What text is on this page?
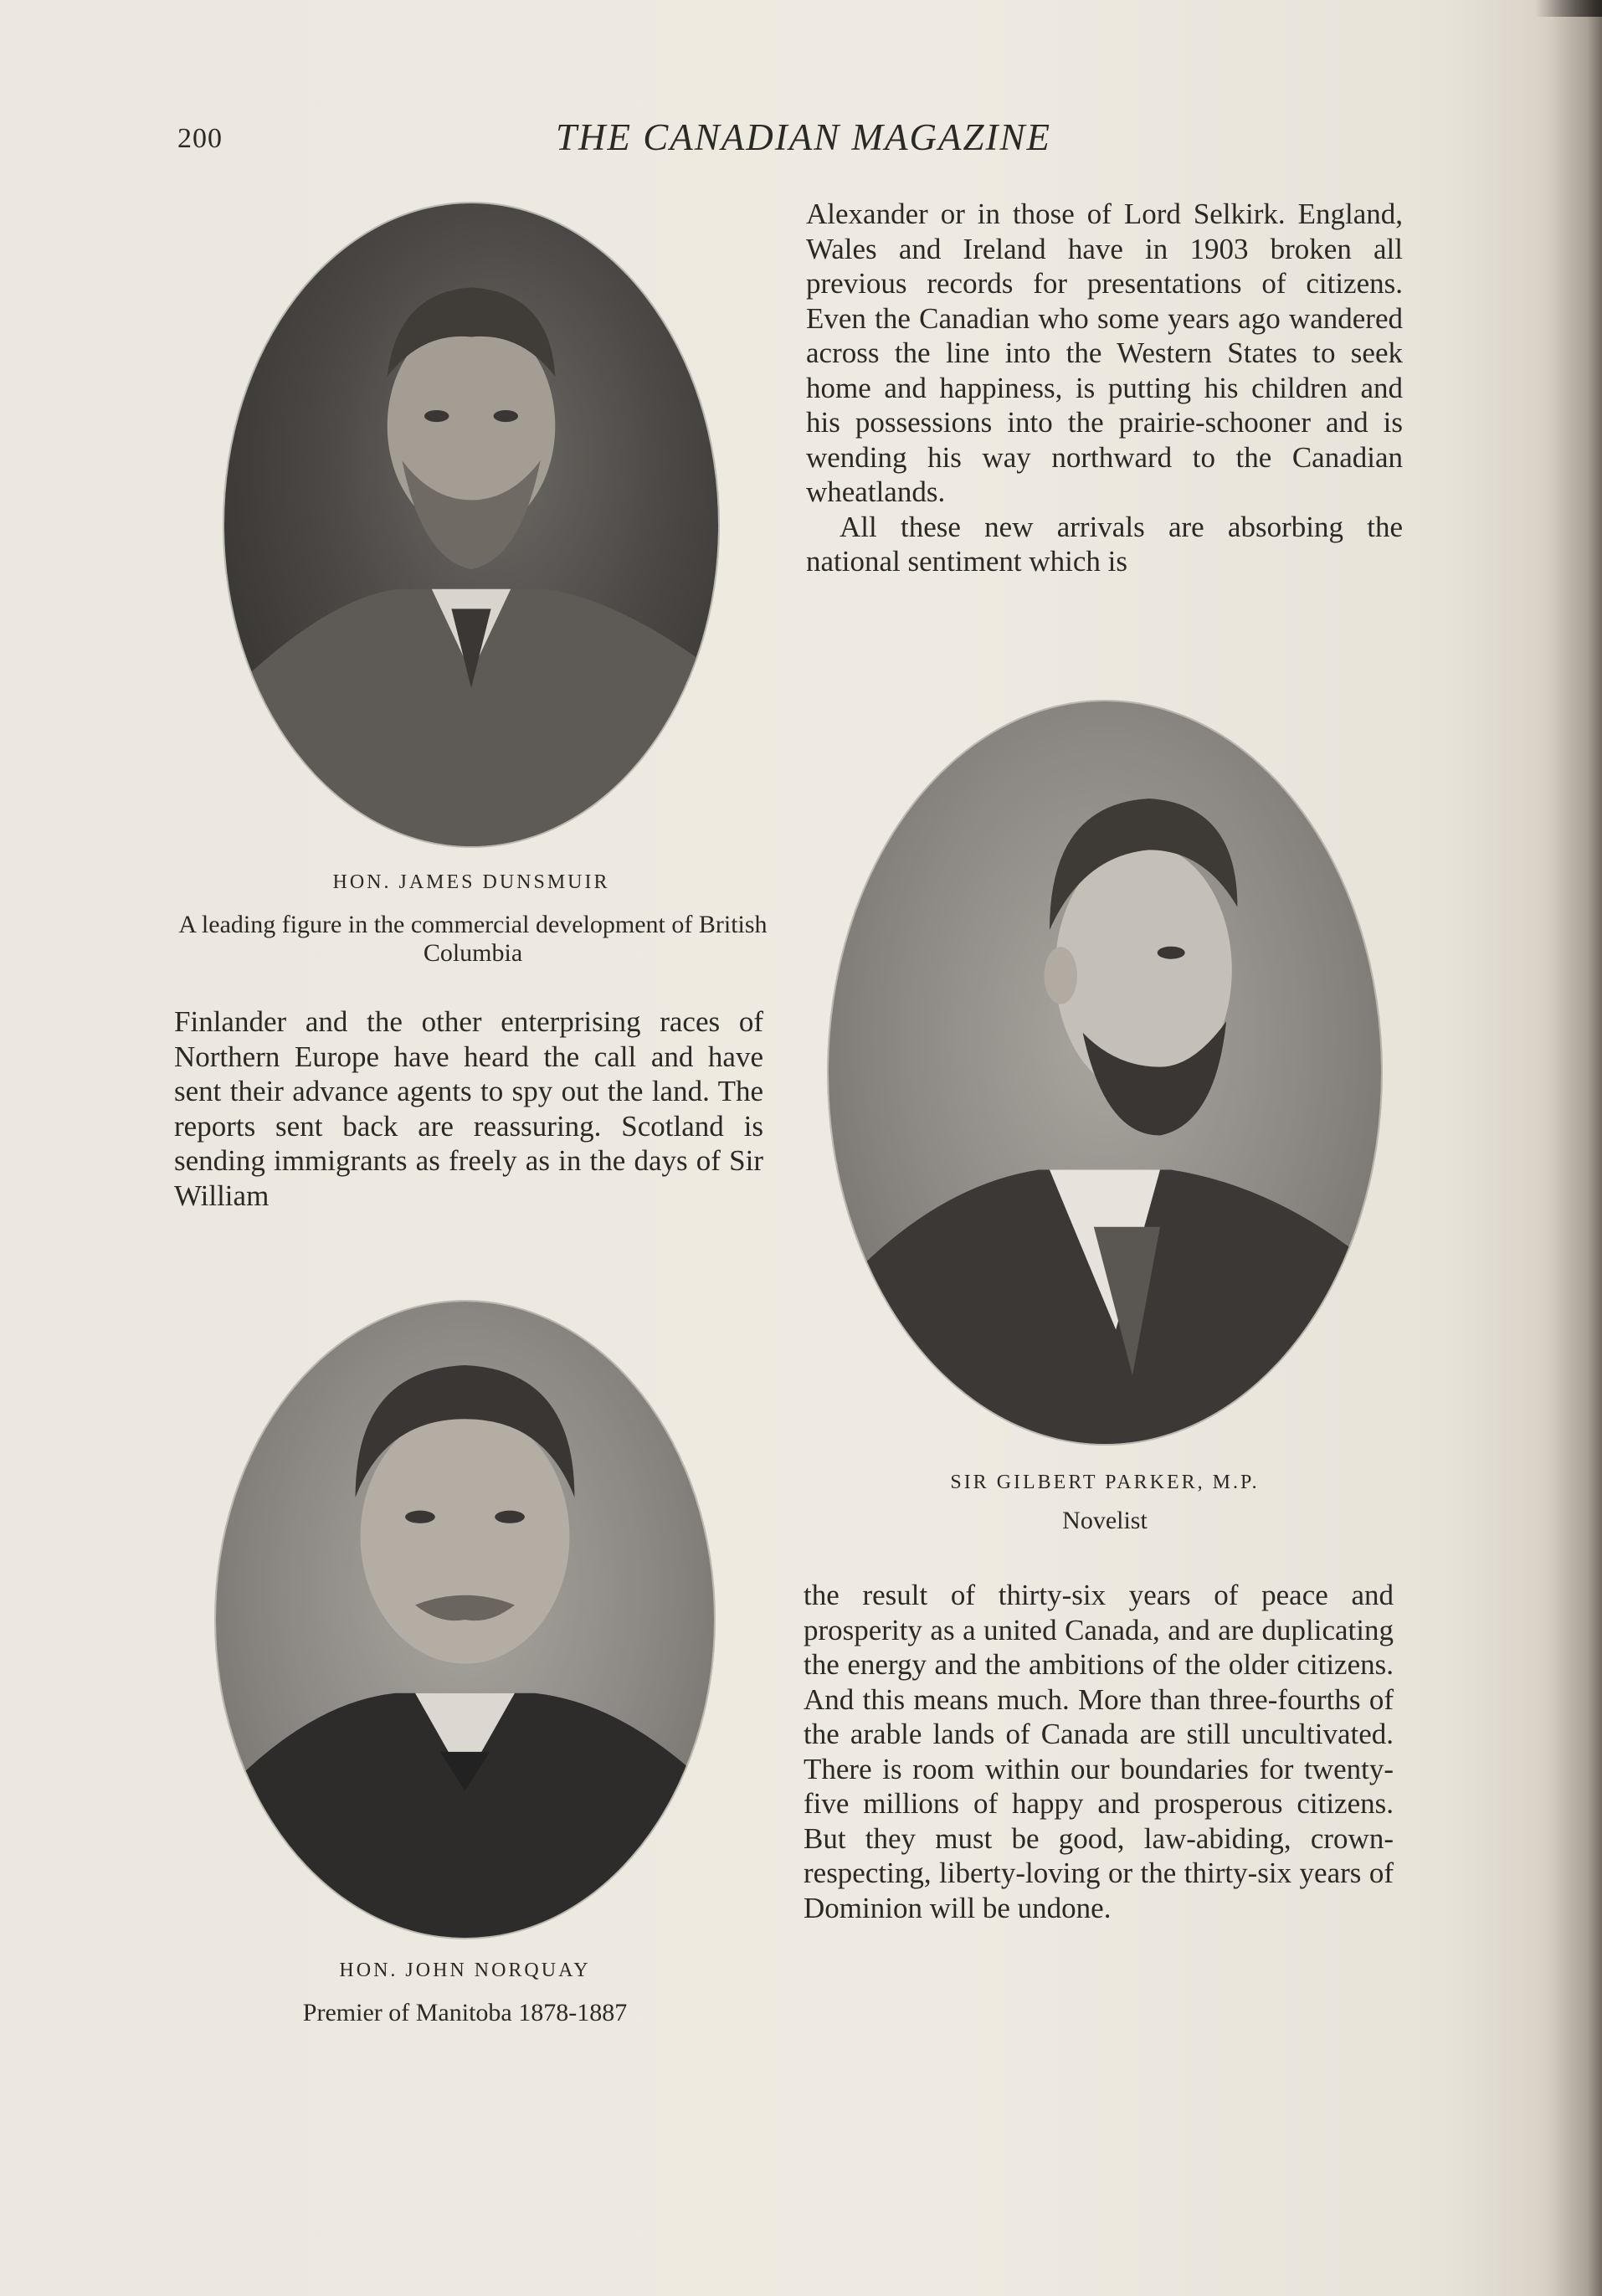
200	THE CANADIAN MAGAZINE
HON. JAMES DUNSMUIR
A leading figure in the commercial development of British Columbia

Alexander or in those of Lord Selkirk. England, Wales and Ireland have in 1903 broken all previous records for presentations of citizens. Even the Canadian who some years ago wandered across the line into the Western States to seek home and happiness, is putting his children and his possessions into the prairie-schooner and is wending his way northward to the Canadian wheatlands.

All these new arrivals are absorbing the national sentiment which is

SIR GILBERT PARKER, M.P.
Novelist

Finlander and the other enterprising races of Northern Europe have heard the call and have sent their advance agents to spy out the land. The reports sent back are reassuring. Scotland is sending immigrants as freely as in the days of Sir William

HON. JOHN NORQUAY
Premier of Manitoba 1878-1887

the result of thirty-six years of peace and prosperity as a united Canada, and are duplicating the energy and the ambitions of the older citizens. And this means much. More than three-fourths of the arable lands of Canada are still uncultivated. There is room within our boundaries for twenty-five millions of happy and prosperous citizens. But they must be good, law-abiding, crown-respecting, liberty-loving or the thirty-six years of Dominion will be undone.
